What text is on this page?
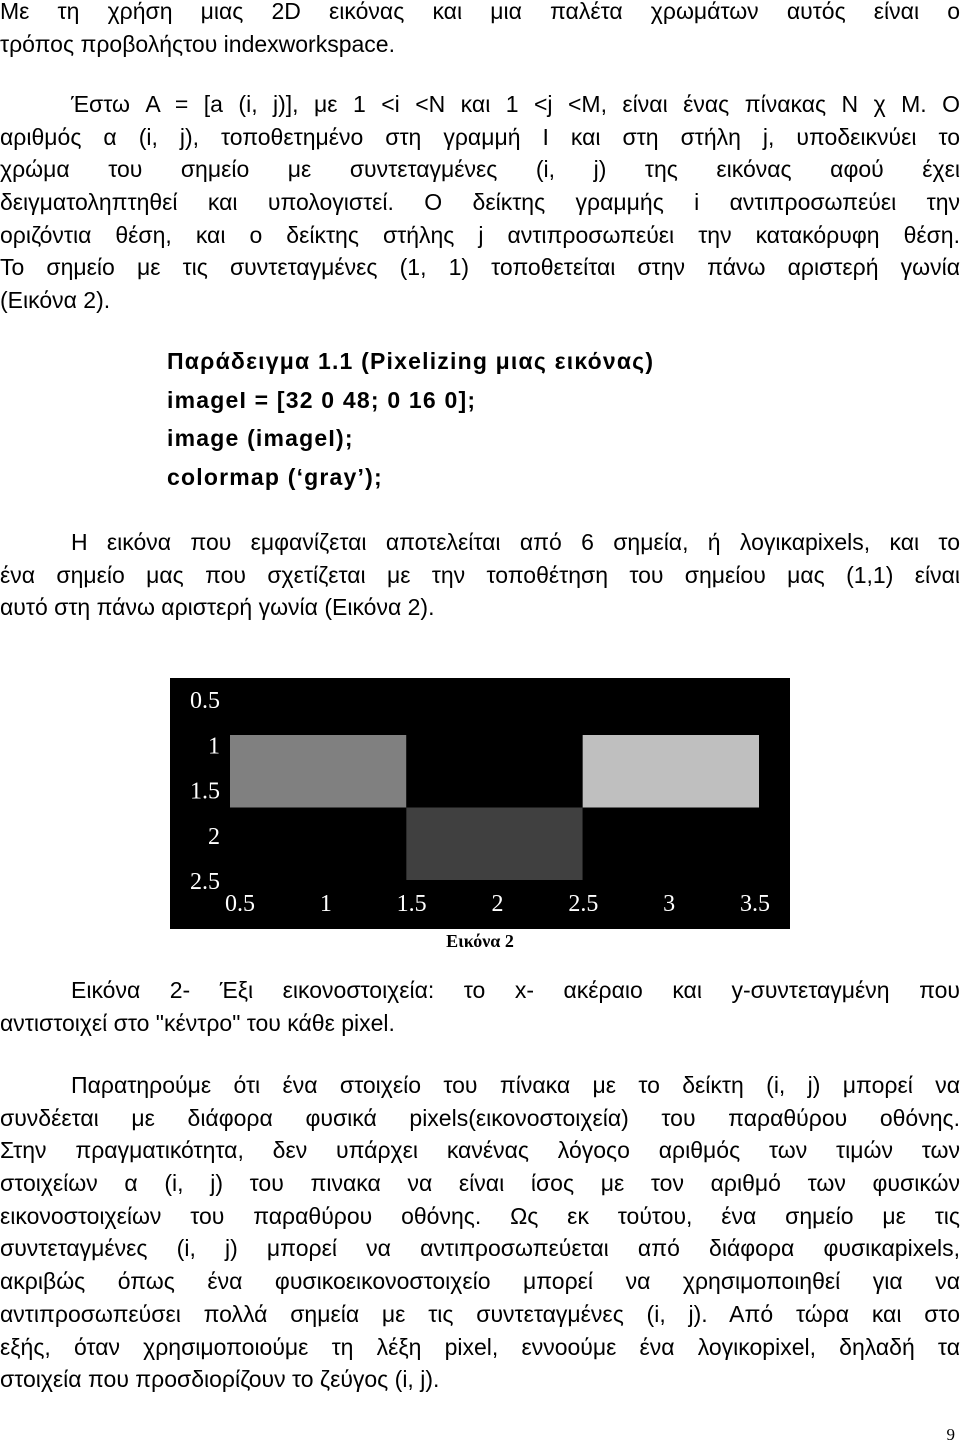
Με τη χρήση μιας 2D εικόνας και μια παλέτα χρωμάτων αυτός είναι ο
τρόπος προβολήςτου indexworkspace.
Έστω A = [a (i, j)], με 1 <i <N και 1 <j <M, είναι ένας πίνακας N χ M. Ο
αριθμός α (i, j), τοποθετημένο στη γραμμή I και στη στήλη j, υποδεικνύει το
χρώμα του σημείο με συντεταγμένες (i, j) της εικόνας αφού έχει
δειγματοληπτηθεί και υπολογιστεί. Ο δείκτης γραμμής i αντιπροσωπεύει την
οριζόντια θέση, και ο δείκτης στήλης j αντιπροσωπεύει την κατακόρυφη θέση.
Το σημείο με τις συντεταγμένες (1, 1) τοποθετείται στην πάνω αριστερή γωνία
(Εικόνα 2).
Παράδειγμα 1.1 (Pixelizing μιας εικόνας)
imageI = [32 0 48; 0 16 0];
image (imageI);
colormap (‘gray’);
Η εικόνα που εμφανίζεται αποτελείται από 6 σημεία, ή λογικαpixels, και το
ένα σημείο μας που σχετίζεται με την τοποθέτηση του σημείου μας (1,1) είναι
αυτό στη πάνω αριστερή γωνία (Εικόνα 2).
0.5
1
1.5
2
2.5
0.5	1	1.5	2	2.5	3	3.5
Εικόνα 2
Εικόνα 2- Έξι εικονοστοιχεία: το x- ακέραιο και y-συντεταγμένη που
αντιστοιχεί στο "κέντρο" του κάθε pixel.
Παρατηρούμε ότι ένα στοιχείο του πίνακα με το δείκτη (i, j) μπορεί να
συνδέεται με διάφορα φυσικά pixels(εικονοστοιχεία) του παραθύρου οθόνης.
Στην πραγματικότητα, δεν υπάρχει κανένας λόγοςο αριθμός των τιμών των
στοιχείων α (i, j) του πινακα να είναι ίσος με τον αριθμό των φυσικών
εικονοστοιχείων του παραθύρου οθόνης. Ως εκ τούτου, ένα σημείο με τις
συντεταγμένες (i, j) μπορεί να αντιπροσωπεύεται από διάφορα φυσικαpixels,
ακριβώς όπως ένα φυσικοεικονοστοιχείο μπορεί να χρησιμοποιηθεί για να
αντιπροσωπεύσει πολλά σημεία με τις συντεταγμένες (i, j). Από τώρα και στο
εξής, όταν χρησιμοποιούμε τη λέξη pixel, εννοούμε ένα λογικοpixel, δηλαδή τα
στοιχεία που προσδιορίζουν το ζεύγος (i, j).
9
